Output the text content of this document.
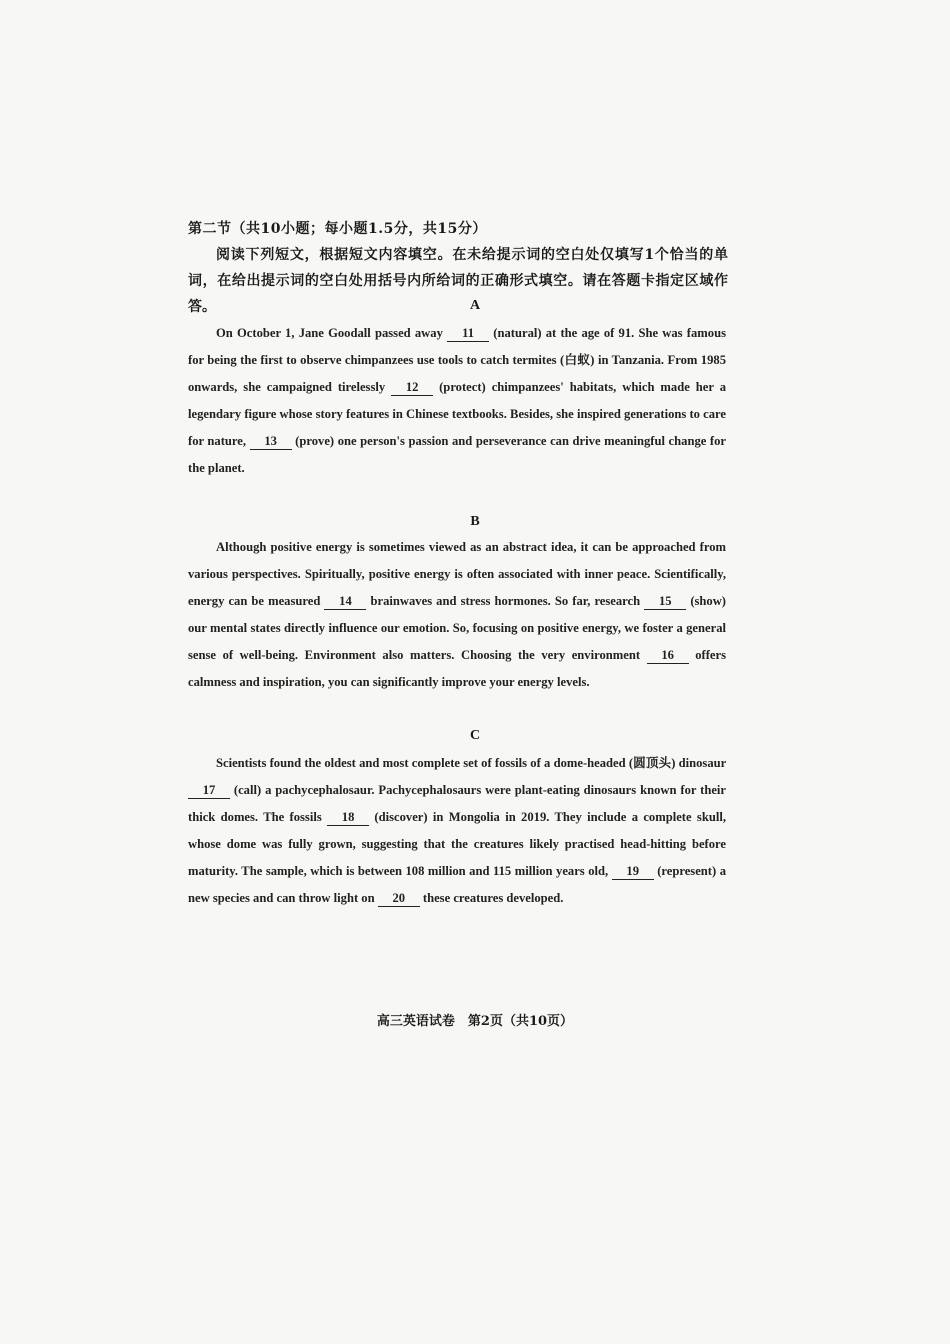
第二节（共10小题；每小题1.5分，共15分）
阅读下列短文，根据短文内容填空。在未给提示词的空白处仅填写1个恰当的单词，在给出提示词的空白处用括号内所给词的正确形式填空。请在答题卡指定区域作答。	A
On October 1, Jane Goodall passed away 11 (natural) at the age of 91. She was famous for being the first to observe chimpanzees use tools to catch termites (白蚁) in Tanzania. From 1985 onwards, she campaigned tirelessly 12 (protect) chimpanzees' habitats, which made her a legendary figure whose story features in Chinese textbooks. Besides, she inspired generations to care for nature, 13 (prove) one person's passion and perseverance can drive meaningful change for the planet.
B
Although positive energy is sometimes viewed as an abstract idea, it can be approached from various perspectives. Spiritually, positive energy is often associated with inner peace. Scientifically, energy can be measured 14 brainwaves and stress hormones. So far, research 15 (show) our mental states directly influence our emotion. So, focusing on positive energy, we foster a general sense of well-being. Environment also matters. Choosing the very environment 16 offers calmness and inspiration, you can significantly improve your energy levels.
C
Scientists found the oldest and most complete set of fossils of a dome-headed (圆顶头) dinosaur 17 (call) a pachycephalosaur. Pachycephalosaurs were plant-eating dinosaurs known for their thick domes. The fossils 18 (discover) in Mongolia in 2019. They include a complete skull, whose dome was fully grown, suggesting that the creatures likely practised head-hitting before maturity. The sample, which is between 108 million and 115 million years old, 19 (represent) a new species and can throw light on 20 these creatures developed.
高三英语试卷　第2页（共10页）
